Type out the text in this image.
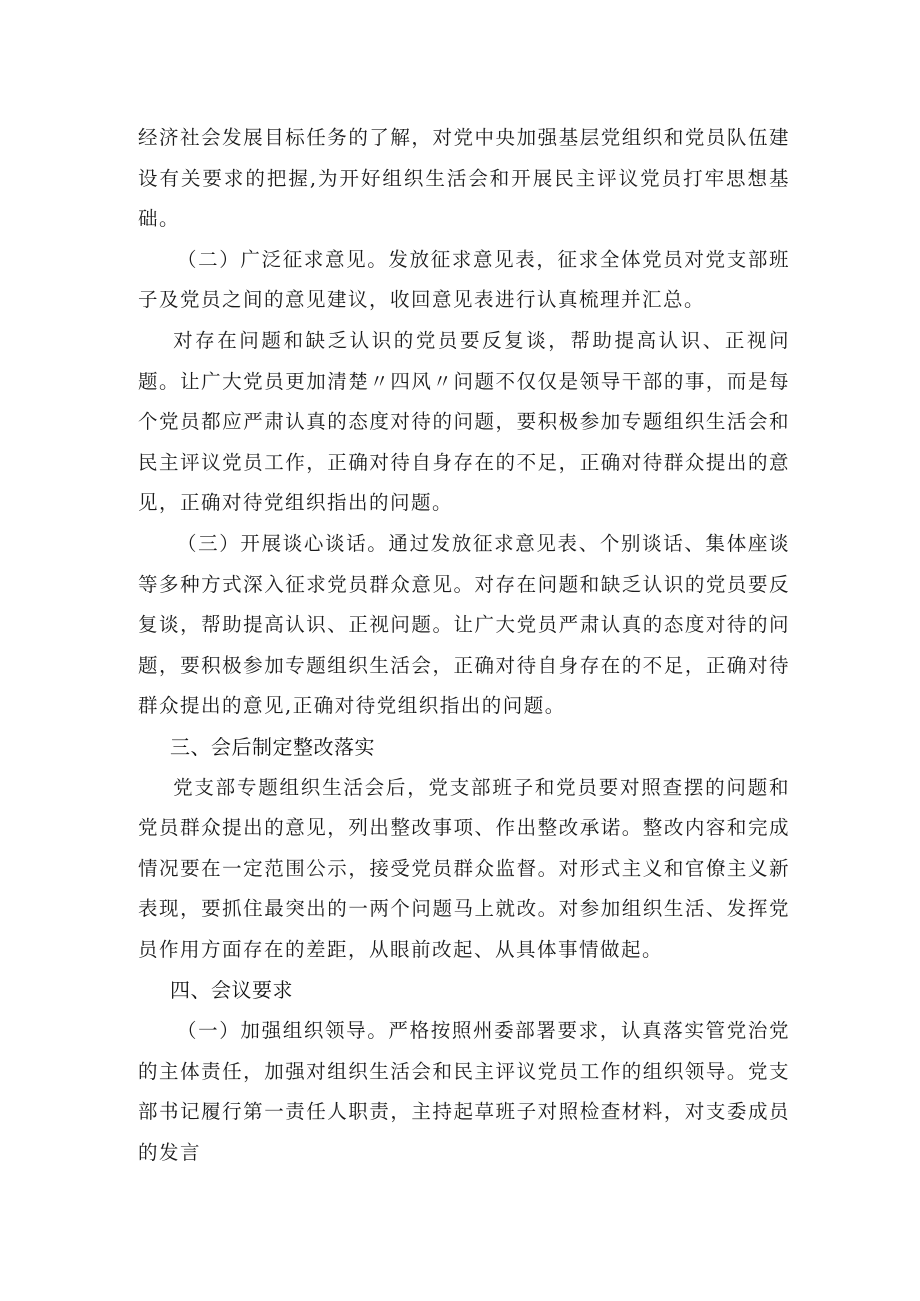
经济社会发展目标任务的了解，对党中央加强基层党组织和党员队伍建设有关要求的把握,为开好组织生活会和开展民主评议党员打牢思想基础。

（二）广泛征求意见。发放征求意见表，征求全体党员对党支部班子及党员之间的意见建议，收回意见表进行认真梳理并汇总。

对存在问题和缺乏认识的党员要反复谈，帮助提高认识、正视问题。让广大党员更加清楚〃四风〃问题不仅仅是领导干部的事，而是每个党员都应严肃认真的态度对待的问题，要积极参加专题组织生活会和民主评议党员工作，正确对待自身存在的不足，正确对待群众提出的意见，正确对待党组织指出的问题。

（三）开展谈心谈话。通过发放征求意见表、个别谈话、集体座谈等多种方式深入征求党员群众意见。对存在问题和缺乏认识的党员要反复谈，帮助提高认识、正视问题。让广大党员严肃认真的态度对待的问题，要积极参加专题组织生活会，正确对待自身存在的不足，正确对待群众提出的意见,正确对待党组织指出的问题。

三、会后制定整改落实

党支部专题组织生活会后，党支部班子和党员要对照查摆的问题和党员群众提出的意见，列出整改事项、作出整改承诺。整改内容和完成情况要在一定范围公示，接受党员群众监督。对形式主义和官僚主义新表现，要抓住最突出的一两个问题马上就改。对参加组织生活、发挥党员作用方面存在的差距，从眼前改起、从具体事情做起。

四、会议要求

（一）加强组织领导。严格按照州委部署要求，认真落实管党治党的主体责任，加强对组织生活会和民主评议党员工作的组织领导。党支部书记履行第一责任人职责，主持起草班子对照检查材料，对支委成员的发言
